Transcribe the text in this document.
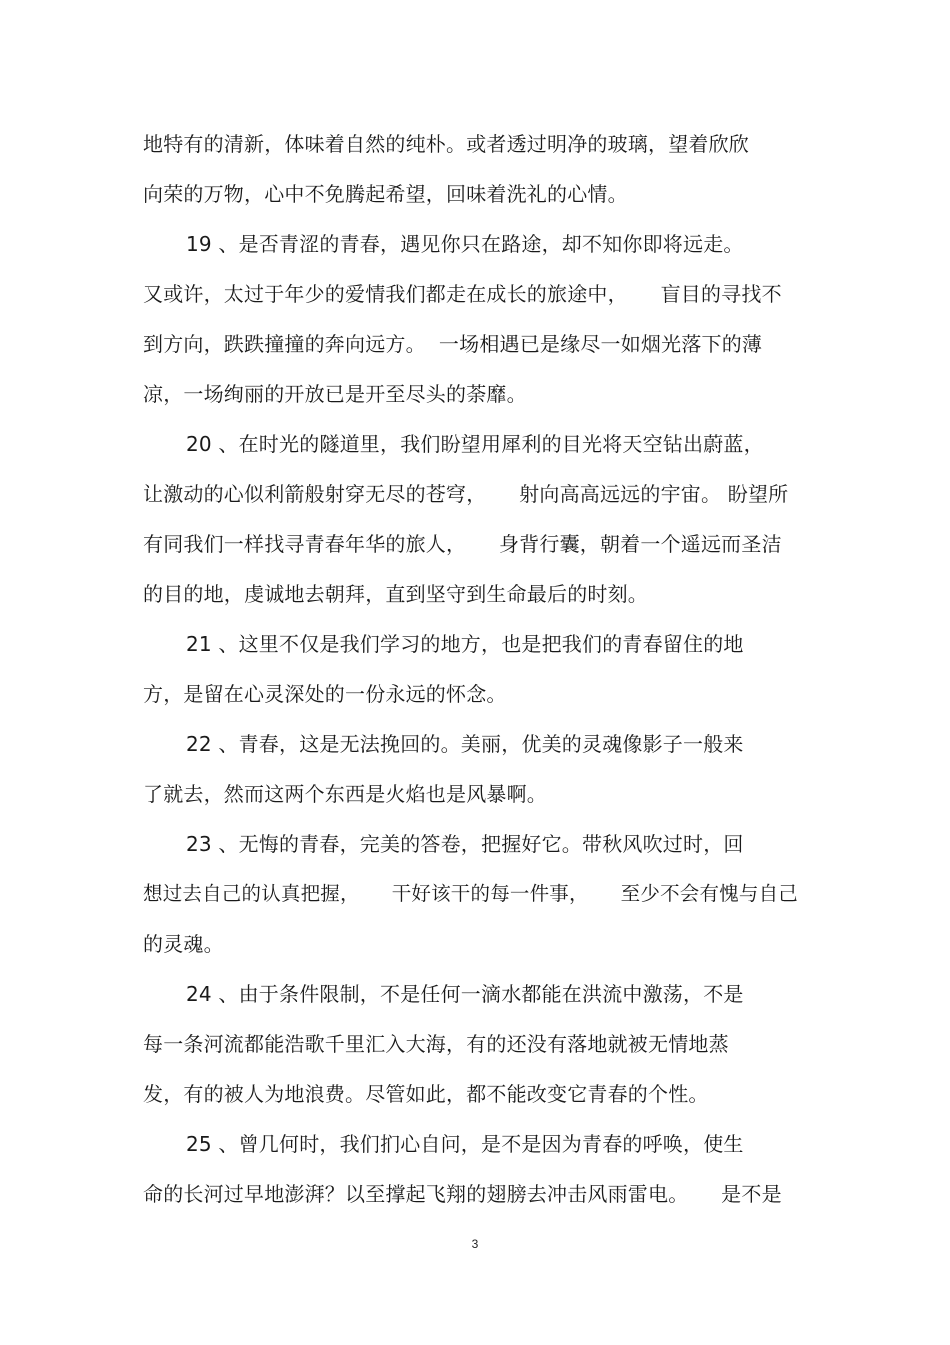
地特有的清新，体味着自然的纯朴。或者透过明净的玻璃，望着欣欣

向荣的万物，心中不免腾起希望，回味着洗礼的心情。

19 、是否青涩的青春，遇见你只在路途，却不知你即将远走。

又或许，太过于年少的爱情我们都走在成长的旅途中，     盲目的寻找不

到方向，跌跌撞撞的奔向远方。  一场相遇已是缘尽一如烟光落下的薄

凉，一场绚丽的开放已是开至尽头的荼靡。

20 、在时光的隧道里，我们盼望用犀利的目光将天空钻出蔚蓝，

让激动的心似利箭般射穿无尽的苍穹，     射向高高远远的宇宙。 盼望所

有同我们一样找寻青春年华的旅人，     身背行囊，朝着一个遥远而圣洁

的目的地，虔诚地去朝拜，直到坚守到生命最后的时刻。

21 、这里不仅是我们学习的地方，也是把我们的青春留住的地

方，是留在心灵深处的一份永远的怀念。

22 、青春，这是无法挽回的。美丽，优美的灵魂像影子一般来

了就去，然而这两个东西是火焰也是风暴啊。

23 、无悔的青春，完美的答卷，把握好它。带秋风吹过时，回

想过去自己的认真把握，     干好该干的每一件事，     至少不会有愧与自己

的灵魂。

24 、由于条件限制，不是任何一滴水都能在洪流中激荡，不是

每一条河流都能浩歌千里汇入大海，有的还没有落地就被无情地蒸

发，有的被人为地浪费。尽管如此，都不能改变它青春的个性。

25 、曾几何时，我们扪心自问，是不是因为青春的呼唤，使生

命的长河过早地澎湃？以至撑起飞翔的翅膀去冲击风雨雷电。     是不是

3
